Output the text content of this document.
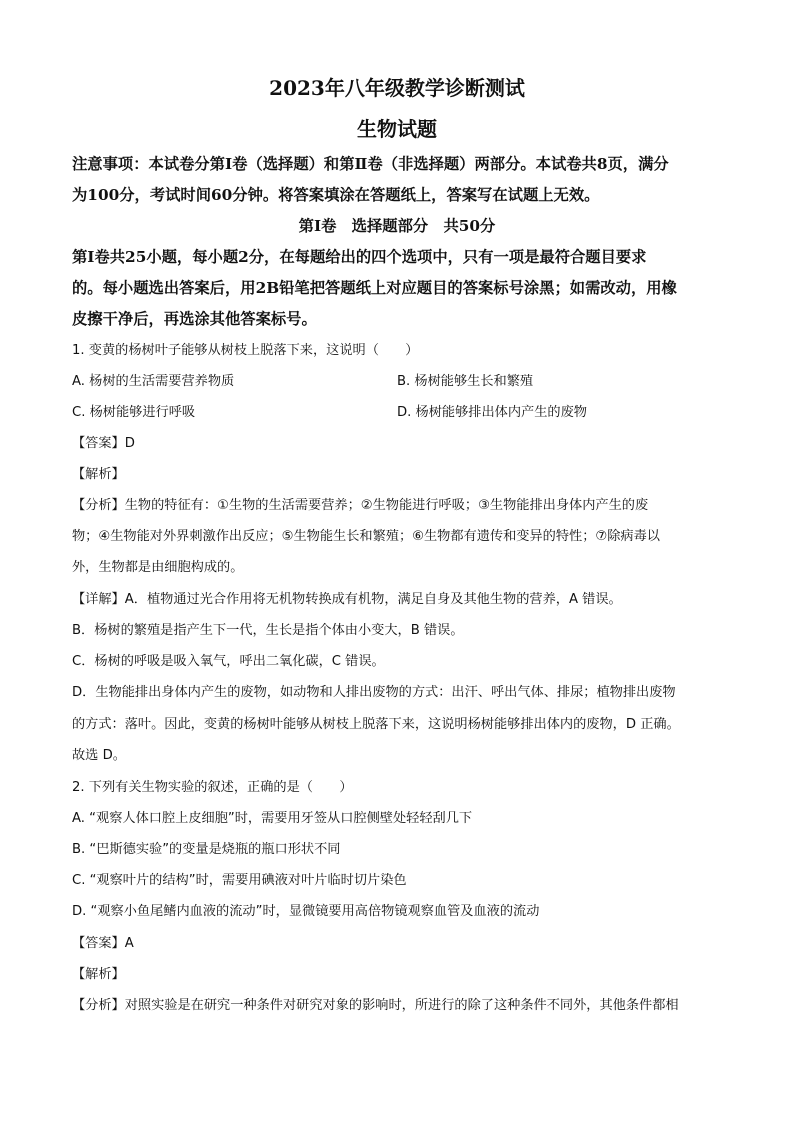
2023年八年级教学诊断测试
生物试题
注意事项：本试卷分第Ⅰ卷（选择题）和第Ⅱ卷（非选择题）两部分。本试卷共8页，满分
为100分，考试时间60分钟。将答案填涂在答题纸上，答案写在试题上无效。
第Ⅰ卷　选择题部分　共50分
第Ⅰ卷共25小题，每小题2分，在每题给出的四个选项中，只有一项是最符合题目要求
的。每小题选出答案后，用2B铅笔把答题纸上对应题目的答案标号涂黑；如需改动，用橡
皮擦干净后，再选涂其他答案标号。
1. 变黄的杨树叶子能够从树枝上脱落下来，这说明（　　）
A. 杨树的生活需要营养物质	B. 杨树能够生长和繁殖
C. 杨树能够进行呼吸	D. 杨树能够排出体内产生的废物
【答案】D
【解析】
【分析】生物的特征有：①生物的生活需要营养；②生物能进行呼吸；③生物能排出身体内产生的废
物；④生物能对外界刺激作出反应；⑤生物能生长和繁殖；⑥生物都有遗传和变异的特性；⑦除病毒以
外，生物都是由细胞构成的。
【详解】A．植物通过光合作用将无机物转换成有机物，满足自身及其他生物的营养，A 错误。
B．杨树的繁殖是指产生下一代，生长是指个体由小变大，B 错误。
C．杨树的呼吸是吸入氧气，呼出二氧化碳，C 错误。
D．生物能排出身体内产生的废物，如动物和人排出废物的方式：出汗、呼出气体、排尿；植物排出废物
的方式：落叶。因此，变黄的杨树叶能够从树枝上脱落下来，这说明杨树能够排出体内的废物，D 正确。
故选 D。
2. 下列有关生物实验的叙述，正确的是（　　）
A. “观察人体口腔上皮细胞”时，需要用牙签从口腔侧壁处轻轻刮几下
B. “巴斯德实验”的变量是烧瓶的瓶口形状不同
C. “观察叶片的结构”时，需要用碘液对叶片临时切片染色
D. “观察小鱼尾鳍内血液的流动”时，显微镜要用高倍物镜观察血管及血液的流动
【答案】A
【解析】
【分析】对照实验是在研究一种条件对研究对象的影响时，所进行的除了这种条件不同外，其他条件都相
